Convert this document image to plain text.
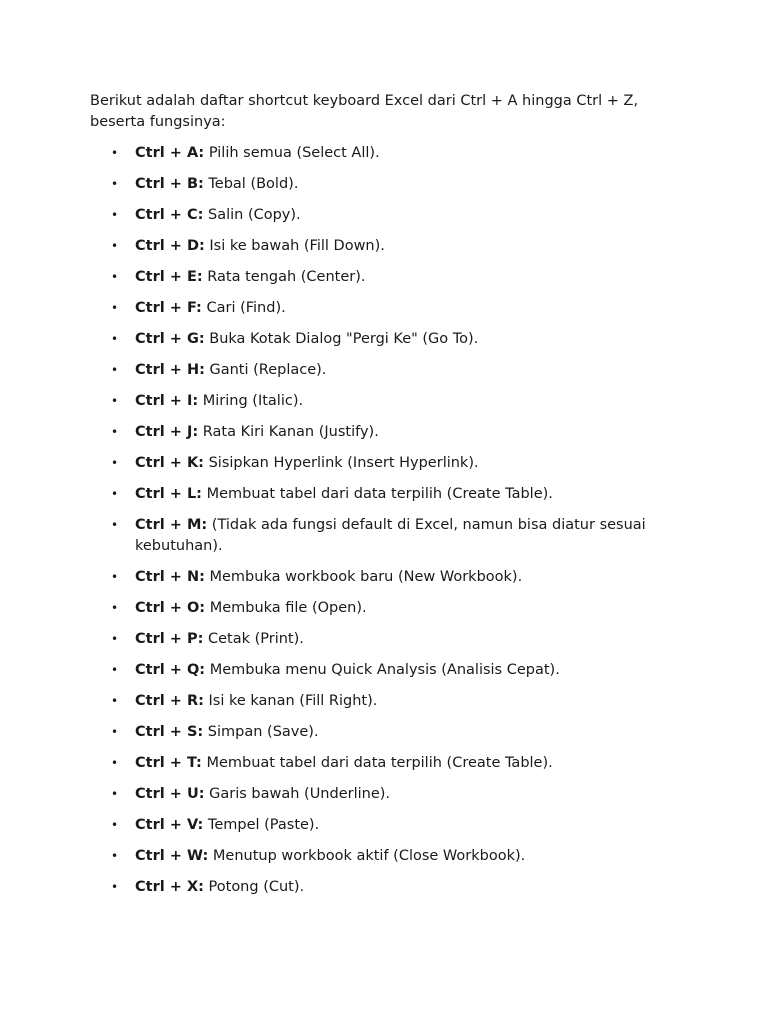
Berikut adalah daftar shortcut keyboard Excel dari Ctrl + A hingga Ctrl + Z, beserta fungsinya:

• Ctrl + A: Pilih semua (Select All).
• Ctrl + B: Tebal (Bold).
• Ctrl + C: Salin (Copy).
• Ctrl + D: Isi ke bawah (Fill Down).
• Ctrl + E: Rata tengah (Center).
• Ctrl + F: Cari (Find).
• Ctrl + G: Buka Kotak Dialog "Pergi Ke" (Go To).
• Ctrl + H: Ganti (Replace).
• Ctrl + I: Miring (Italic).
• Ctrl + J: Rata Kiri Kanan (Justify).
• Ctrl + K: Sisipkan Hyperlink (Insert Hyperlink).
• Ctrl + L: Membuat tabel dari data terpilih (Create Table).
• Ctrl + M: (Tidak ada fungsi default di Excel, namun bisa diatur sesuai kebutuhan).
• Ctrl + N: Membuka workbook baru (New Workbook).
• Ctrl + O: Membuka file (Open).
• Ctrl + P: Cetak (Print).
• Ctrl + Q: Membuka menu Quick Analysis (Analisis Cepat).
• Ctrl + R: Isi ke kanan (Fill Right).
• Ctrl + S: Simpan (Save).
• Ctrl + T: Membuat tabel dari data terpilih (Create Table).
• Ctrl + U: Garis bawah (Underline).
• Ctrl + V: Tempel (Paste).
• Ctrl + W: Menutup workbook aktif (Close Workbook).
• Ctrl + X: Potong (Cut).
